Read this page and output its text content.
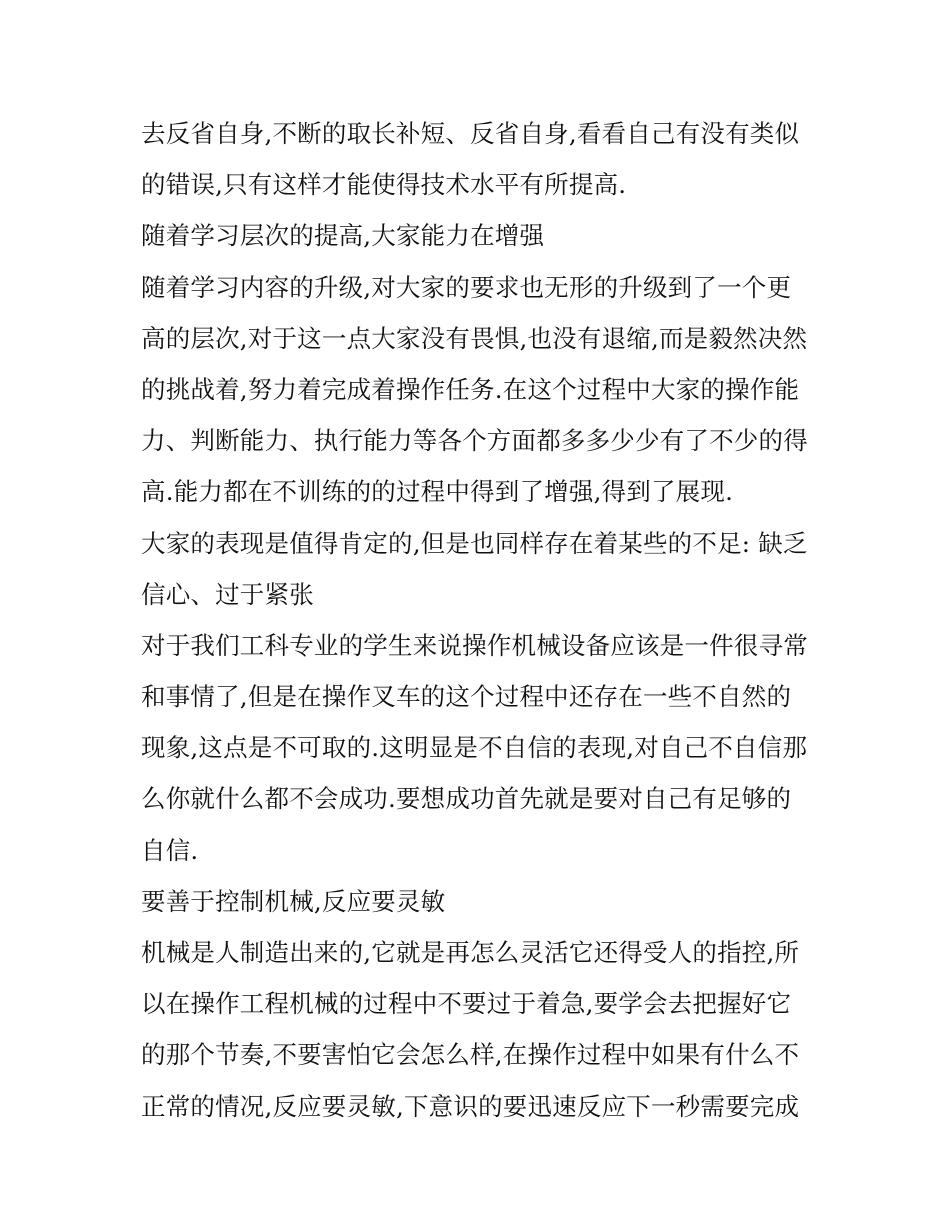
去反省自身,不断的取长补短、反省自身,看看自己有没有类似
的错误,只有这样才能使得技术水平有所提高.
随着学习层次的提高,大家能力在增强
随着学习内容的升级,对大家的要求也无形的升级到了一个更
高的层次,对于这一点大家没有畏惧,也没有退缩,而是毅然决然
的挑战着,努力着完成着操作任务.在这个过程中大家的操作能
力、判断能力、执行能力等各个方面都多多少少有了不少的得
高.能力都在不训练的的过程中得到了增强,得到了展现.
大家的表现是值得肯定的,但是也同样存在着某些的不足: 缺乏
信心、过于紧张
对于我们工科专业的学生来说操作机械设备应该是一件很寻常
和事情了,但是在操作叉车的这个过程中还存在一些不自然的
现象,这点是不可取的.这明显是不自信的表现,对自己不自信那
么你就什么都不会成功.要想成功首先就是要对自己有足够的
自信.
要善于控制机械,反应要灵敏
机械是人制造出来的,它就是再怎么灵活它还得受人的指控,所
以在操作工程机械的过程中不要过于着急,要学会去把握好它
的那个节奏,不要害怕它会怎么样,在操作过程中如果有什么不
正常的情况,反应要灵敏,下意识的要迅速反应下一秒需要完成
